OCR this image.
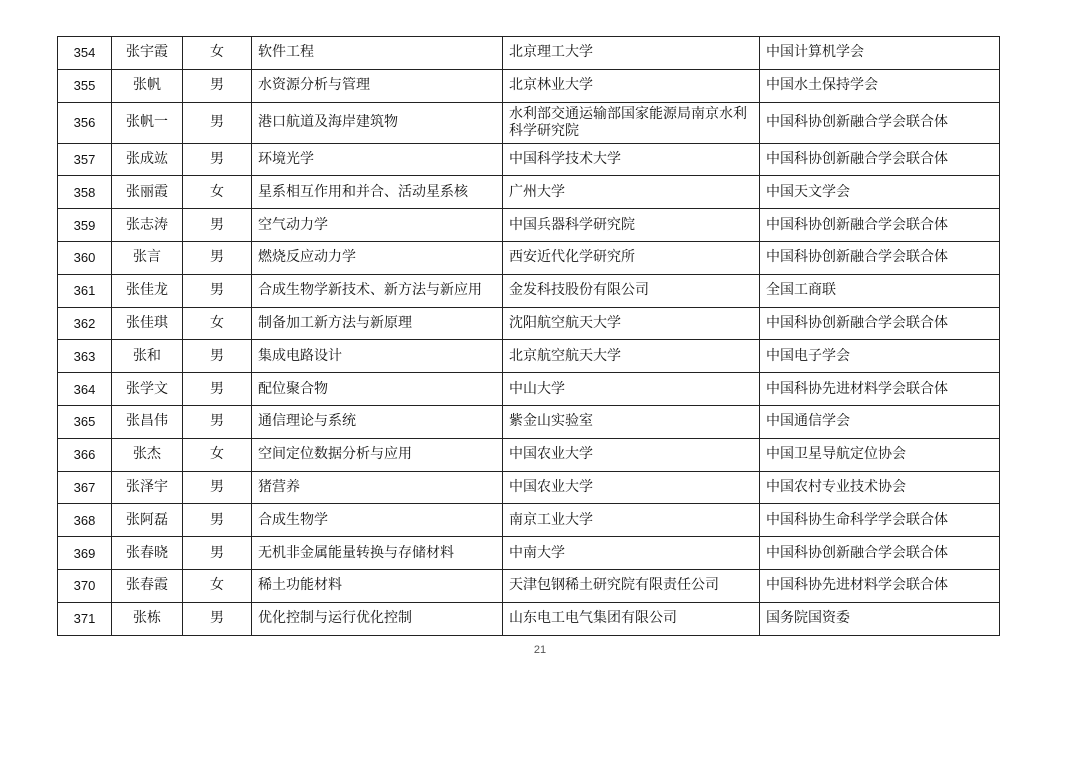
354	张宇霞	女	软件工程	北京理工大学	中国计算机学会
355	张帆	男	水资源分析与管理	北京林业大学	中国水土保持学会
356	张帆一	男	港口航道及海岸建筑物	水利部交通运输部国家能源局南京水利科学研究院	中国科协创新融合学会联合体
357	张成竑	男	环境光学	中国科学技术大学	中国科协创新融合学会联合体
358	张丽霞	女	星系相互作用和并合、活动星系核	广州大学	中国天文学会
359	张志涛	男	空气动力学	中国兵器科学研究院	中国科协创新融合学会联合体
360	张言	男	燃烧反应动力学	西安近代化学研究所	中国科协创新融合学会联合体
361	张佳龙	男	合成生物学新技术、新方法与新应用	金发科技股份有限公司	全国工商联
362	张佳琪	女	制备加工新方法与新原理	沈阳航空航天大学	中国科协创新融合学会联合体
363	张和	男	集成电路设计	北京航空航天大学	中国电子学会
364	张学文	男	配位聚合物	中山大学	中国科协先进材料学会联合体
365	张昌伟	男	通信理论与系统	紫金山实验室	中国通信学会
366	张杰	女	空间定位数据分析与应用	中国农业大学	中国卫星导航定位协会
367	张泽宇	男	猪营养	中国农业大学	中国农村专业技术协会
368	张阿磊	男	合成生物学	南京工业大学	中国科协生命科学学会联合体
369	张春晓	男	无机非金属能量转换与存储材料	中南大学	中国科协创新融合学会联合体
370	张春霞	女	稀土功能材料	天津包钢稀土研究院有限责任公司	中国科协先进材料学会联合体
371	张栋	男	优化控制与运行优化控制	山东电工电气集团有限公司	国务院国资委
21
